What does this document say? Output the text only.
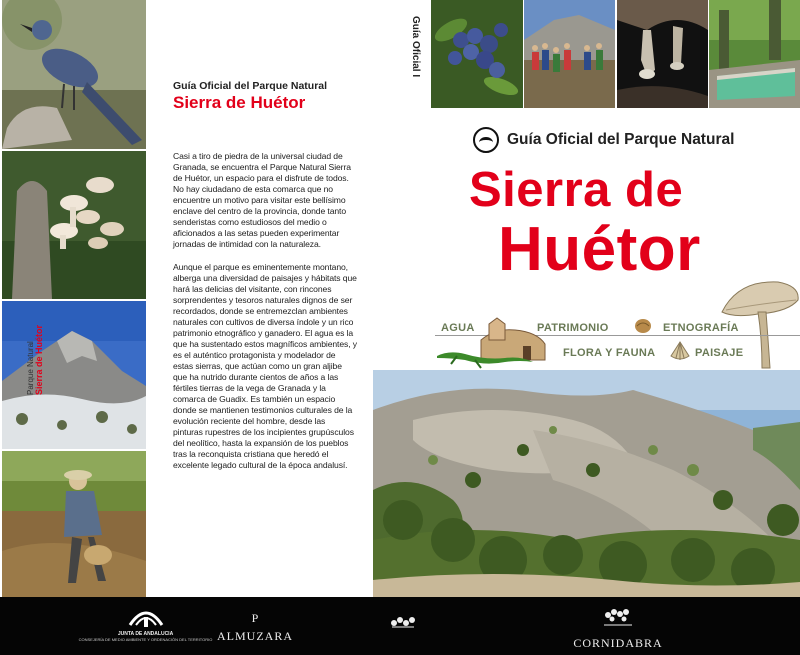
Guía Oficial del Parque Natural
Sierra de Huétor

Casi a tiro de piedra de la universal ciudad de Granada, se encuentra el Parque Natural Sierra de Huétor, un espacio para el disfrute de todos. No hay ciudadano de esta comarca que no encuentre un motivo para visitar este bellísimo enclave del centro de la provincia, donde tanto senderistas como estudiosos del medio o aficionados a las setas pueden experimentar jornadas de intimidad con la naturaleza.

Aunque el parque es eminentemente montano, alberga una diversidad de paisajes y hábitats que hará las delicias del visitante, con rincones sorprendentes y tesoros naturales dignos de ser recordados, donde se entremezclan ambientes naturales con cultivos de diversa índole y un rico patrimonio etnográfico y ganadero. El agua es la que ha sustentado estos magníficos ambientes, y es el auténtico protagonista y modelador de estas sierras, que actúan como un gran aljibe que ha nutrido durante cientos de años a las fértiles tierras de la vega de Granada y la comarca de Guadix. Es también un espacio donde se mantienen testimonios culturales de la evolución reciente del hombre, desde las pinturas rupestres de los incipientes grupúsculos del neolítico, hasta la expansión de los pueblos tras la reconquista cristiana que heredó el excelente legado cultural de la época andalusí.

Guía Oficial I
Parque Natural Sierra de Huétor
Guía Oficial del Parque Natural
Sierra de
Huétor
AGUA	PATRIMONIO	ETNOGRAFÍA
FLORA Y FAUNA	PAISAJE
JUNTA DE ANDALUCIA
CONSEJERÍA DE MEDIO AMBIENTE Y ORDENACIÓN DEL TERRITORIO
P
ALMUZARA	CORNIDABRA
